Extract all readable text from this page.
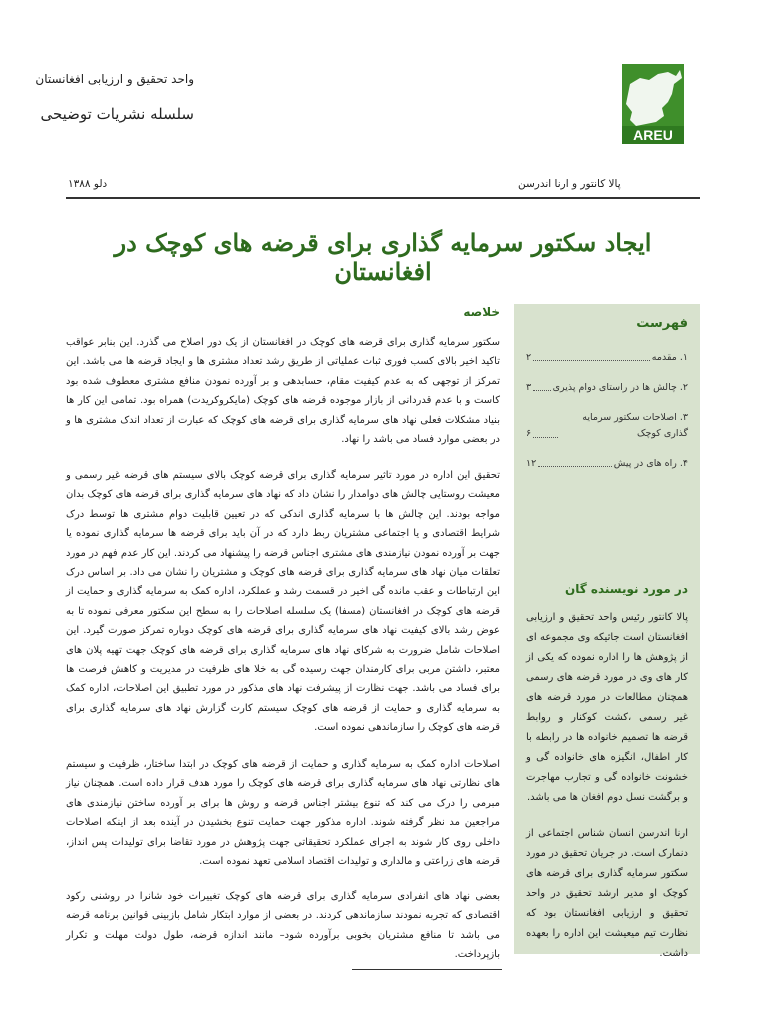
AREU
واحد تحقیق و ارزیابی افغانستان
سلسله نشریات توضیحی
پالا کانتور و ارنا اندرسن
دلو ۱۳۸۸
ایجاد سکتور سرمایه گذاری برای قرضه های کوچک در افغانستان
فهرست
۱. مقدمه
۲
۲. چالش ها در راستای دوام پذیری
۳
۳. اصلاحات سکتور سرمایه گذاری کوچک
۶
۴. راه های در پیش
۱۲
در مورد نویسنده گان
پالا کانتور رئیس واحد تحقیق و ارزیابی افغانستان است جاثیکه وی مجموعه ای از پژوهش ها را اداره نموده که یکی از کار های وی در مورد قرضه های رسمی همچنان مطالعات در مورد قرضه های غیر رسمی ،کشت کوکنار و روابط قرضه ها تصمیم خانواده ها در رابطه با کار اطفال، انگیزه های خانواده گی و خشونت خانواده گی و تجارب مهاجرت و برگشت نسل دوم افغان ها می باشد.
ارنا اندرسن انسان شناس اجتماعی از دنمارک است. در جریان تحقیق در مورد سکتور سرمایه گذاری برای قرضه های کوچک او مدیر ارشد تحقیق در واحد تحقیق و ارزیابی افغانستان بود که نظارت تیم میعیشت این اداره را بعهده داشت.
خلاصه
سکتور سرمایه گذاری برای قرضه های کوچک در افغانستان از یک دور اصلاح می گذرد. این بنابر عواقب تاکید اخیر بالای کسب فوری ثبات عملیاتی از طریق رشد تعداد مشتری ها و ایجاد قرضه ها می باشد. این تمرکز از توجهی که به عدم کیفیت مقام، حسابدهی و بر آورده نمودن منافع مشتری معطوف شده بود کاست و با عدم قدردانی از بازار موجوده قرضه های کوچک (مایکروکریدت) همراه بود. تمامی این کار ها بنیاد مشکلات فعلی نهاد های سرمایه گذاری برای قرضه های کوچک که عبارت از تعداد اندک مشتری ها و در بعضی موارد فساد می باشد را نهاد.
تحقیق این اداره در مورد تاثیر سرمایه گذاری برای قرضه کوچک بالای سیستم های قرضه غیر رسمی و معیشت روستایی چالش های دوامدار را نشان داد که نهاد های سرمایه گذاری برای قرضه های کوچک بدان مواجه بودند. این چالش ها با سرمایه گذاری اندکی که در تعیین قابلیت دوام مشتری ها توسط درک شرایط اقتصادی و یا اجتماعی مشتریان ربط دارد که در آن باید برای قرضه ها سرمایه گذاری نموده یا جهت بر آورده نمودن نیازمندی های مشتری اجناس قرضه را پیشنهاد می کردند. این کار عدم فهم در مورد تعلقات میان نهاد های سرمایه گذاری برای قرضه های کوچک و مشتریان را نشان می داد. بر اساس درک این ارتباطات و عقب مانده گی اخیر در قسمت رشد و عملکرد، اداره کمک به سرمایه گذاری و حمایت از قرضه های کوچک در افغانستان (مسفا) یک سلسله اصلاحات را به سطح این سکتور معرفی نموده تا به عوض رشد بالای کیفیت نهاد های سرمایه گذاری برای قرضه های کوچک دوباره تمرکز صورت گیرد. این اصلاحات شامل ضرورت به شرکای نهاد های سرمایه گذاری برای قرضه های کوچک جهت تهیه پلان های معتبر، داشتن مربی برای کارمندان جهت رسیده گی به خلا های ظرفیت در مدیریت و کاهش فرصت ها برای فساد می باشد. جهت نظارت از پیشرفت نهاد های مذکور در مورد تطبیق این اصلاحات، اداره کمک به سرمایه گذاری و حمایت از قرضه های کوچک سیستم کارت گزارش نهاد های سرمایه گذاری برای قرضه های کوچک را سازماندهی نموده است.
اصلاحات اداره کمک به سرمایه گذاری و حمایت از قرضه های کوچک در ابتدا ساختار، ظرفیت و سیستم های نظارتی نهاد های سرمایه گذاری برای قرضه های کوچک را مورد هدف قرار داده است. همچنان نیاز مبرمی را درک می کند که تنوع بیشتر اجناس قرضه و روش ها برای بر آورده ساختن نیازمندی های مراجعین مد نظر گرفته شوند. اداره مذکور جهت حمایت تنوع بخشیدن در آینده بعد از اینکه اصلاحات داخلی روی کار شوند به اجرای عملکرد تحقیقاتی جهت پژوهش در مورد تقاضا برای تولیدات پس انداز، قرضه های زراعتی و مالداری و تولیدات اقتصاد اسلامی تعهد نموده است.
بعضی نهاد های انفرادی سرمایه گذاری برای قرضه های کوچک تغییرات خود شانرا در روشنی رکود اقتصادی که تجربه نمودند سازماندهی کردند. در بعضی از موارد ابتکار شامل بازبینی قوانین برنامه قرضه می باشد تا منافع مشتریان بخوبی برآورده شود– مانند اندازه قرضه، طول دولت مهلت و تکرار بازپرداخت.
